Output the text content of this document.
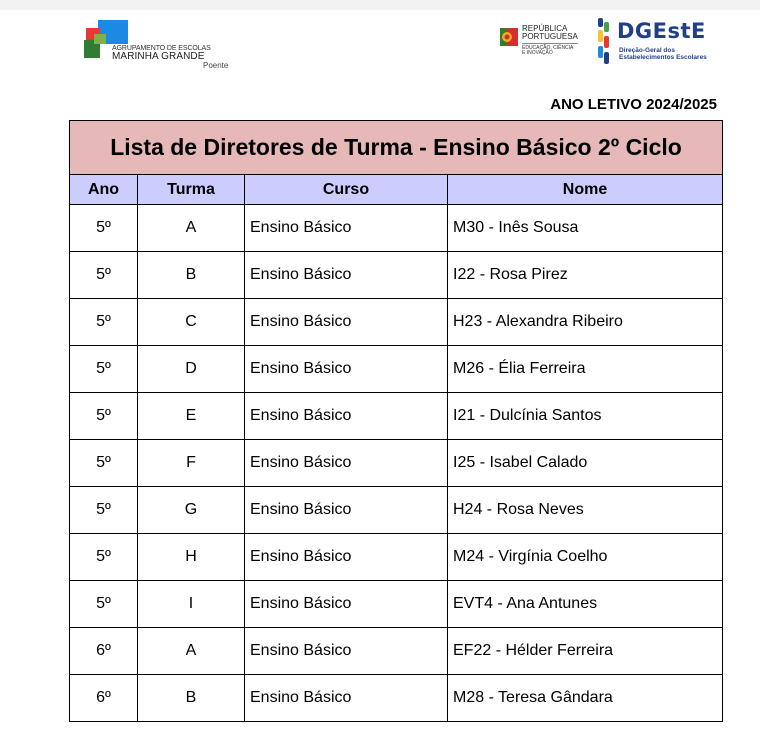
AGRUPAMENTO DE ESCOLAS
MARINHA GRANDE
Poente
REPÚBLICA
PORTUGUESA
EDUCAÇÃO, CIÊNCIA
E INOVAÇÃO
DGEstE
Direção-Geral dos
Estabelecimentos Escolares
ANO LETIVO 2024/2025
Lista de Diretores de Turma - Ensino Básico 2º Ciclo			
Ano	Turma	Curso	Nome
5º	A	Ensino Básico	M30 - Inês Sousa
5º	B	Ensino Básico	I22 - Rosa Pirez
5º	C	Ensino Básico	H23 - Alexandra Ribeiro
5º	D	Ensino Básico	M26 - Élia Ferreira
5º	E	Ensino Básico	I21 - Dulcínia Santos
5º	F	Ensino Básico	I25 - Isabel Calado
5º	G	Ensino Básico	H24 - Rosa Neves
5º	H	Ensino Básico	M24 - Virgínia Coelho
5º	I	Ensino Básico	EVT4 - Ana Antunes
6º	A	Ensino Básico	EF22 - Hélder Ferreira
6º	B	Ensino Básico	M28 - Teresa Gândara
